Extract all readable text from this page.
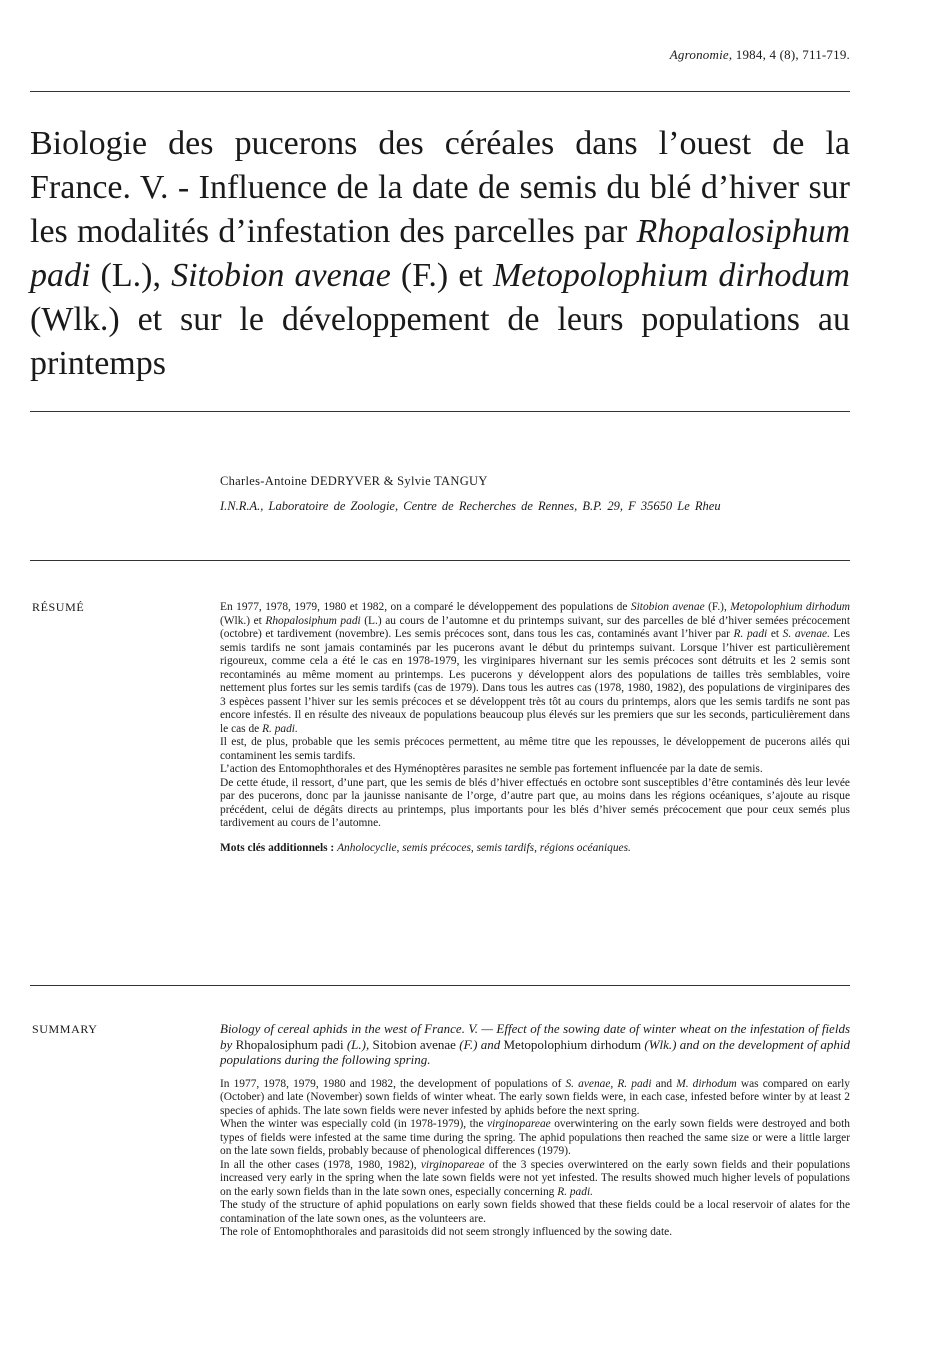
Agronomie, 1984, 4 (8), 711-719.
Biologie des pucerons des céréales dans l’ouest de la France. V. - Influence de la date de semis du blé d’hiver sur les modalités d’infestation des parcelles par Rhopalosiphum padi (L.), Sitobion avenae (F.) et Metopolophium dirhodum (Wlk.) et sur le développement de leurs populations au printemps
Charles-Antoine DEDRYVER & Sylvie TANGUY
I.N.R.A., Laboratoire de Zoologie, Centre de Recherches de Rennes, B.P. 29, F 35650 Le Rheu
RÉSUMÉ	En 1977, 1978, 1979, 1980 et 1982, on a comparé le développement des populations de Sitobion avenae (F.), Metopolophium dirhodum (Wlk.) et Rhopalosiphum padi (L.) au cours de l’automne et du printemps suivant, sur des parcelles de blé d’hiver semées précocement (octobre) et tardivement (novembre). Les semis précoces sont, dans tous les cas, contaminés avant l’hiver par R. padi et S. avenae. Les semis tardifs ne sont jamais contaminés par les pucerons avant le début du printemps suivant. Lorsque l’hiver est particulièrement rigoureux, comme cela a été le cas en 1978-1979, les virginipares hivernant sur les semis précoces sont détruits et les 2 semis sont recontaminés au même moment au printemps. Les pucerons y développent alors des populations de tailles très semblables, voire nettement plus fortes sur les semis tardifs (cas de 1979). Dans tous les autres cas (1978, 1980, 1982), des populations de virginipares des 3 espèces passent l’hiver sur les semis précoces et se développent très tôt au cours du printemps, alors que les semis tardifs ne sont pas encore infestés. Il en résulte des niveaux de populations beaucoup plus élevés sur les premiers que sur les seconds, particulièrement dans le cas de R. padi.

Il est, de plus, probable que les semis précoces permettent, au même titre que les repousses, le développement de pucerons ailés qui contaminent les semis tardifs.

L’action des Entomophthorales et des Hyménoptères parasites ne semble pas fortement influencée par la date de semis.

De cette étude, il ressort, d’une part, que les semis de blés d’hiver effectués en octobre sont susceptibles d’être contaminés dès leur levée par des pucerons, donc par la jaunisse nanisante de l’orge, d’autre part que, au moins dans les régions océaniques, s’ajoute au risque précédent, celui de dégâts directs au printemps, plus importants pour les blés d’hiver semés précocement que pour ceux semés plus tardivement au cours de l’automne.

Mots clés additionnels : Anholocyclie, semis précoces, semis tardifs, régions océaniques.

SUMMARY	Biology of cereal aphids in the west of France. V. — Effect of the sowing date of winter wheat on the infestation of fields by Rhopalosiphum padi (L.), Sitobion avenae (F.) and Metopolophium dirhodum (Wlk.) and on the development of aphid populations during the following spring.

In 1977, 1978, 1979, 1980 and 1982, the development of populations of S. avenae, R. padi and M. dirhodum was compared on early (October) and late (November) sown fields of winter wheat. The early sown fields were, in each case, infested before winter by at least 2 species of aphids. The late sown fields were never infested by aphids before the next spring.

When the winter was especially cold (in 1978-1979), the virginopareae overwintering on the early sown fields were destroyed and both types of fields were infested at the same time during the spring. The aphid populations then reached the same size or were a little larger on the late sown fields, probably because of phenological differences (1979).

In all the other cases (1978, 1980, 1982), virginopareae of the 3 species overwintered on the early sown fields and their populations increased very early in the spring when the late sown fields were not yet infested. The results showed much higher levels of populations on the early sown fields than in the late sown ones, especially concerning R. padi.

The study of the structure of aphid populations on early sown fields showed that these fields could be a local reservoir of alates for the contamination of the late sown ones, as the volunteers are.

The role of Entomophthorales and parasitoids did not seem strongly influenced by the sowing date.
